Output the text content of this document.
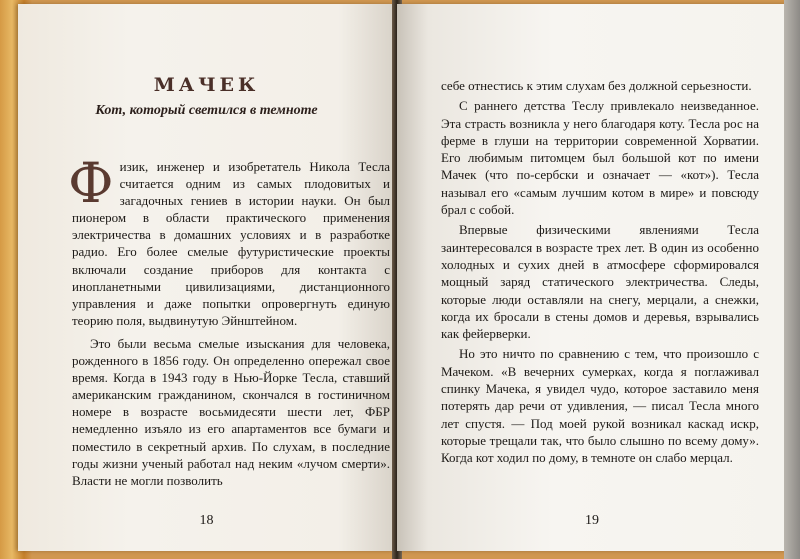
МАЧЕК
Кот, который светился в темноте

Физик, инженер и изобретатель Никола Тесла считается одним из самых плодовитых и загадочных гениев в истории науки. Он был пионером в области практического применения электричества в домашних условиях и в разработке радио. Его более смелые футуристические проекты включали создание приборов для контакта с инопланетными цивилизациями, дистанционного управления и даже попытки опровергнуть единую теорию поля, выдвинутую Эйнштейном.

Это были весьма смелые изыскания для человека, рожденного в 1856 году. Он определенно опережал свое время. Когда в 1943 году в Нью-Йорке Тесла, ставший американским гражданином, скончался в гостиничном номере в возрасте восьмидесяти шести лет, ФБР немедленно изъяло из его апартаментов все бумаги и поместило в секретный архив. По слухам, в последние годы жизни ученый работал над неким «лучом смерти». Власти не могли позволить

18

себе отнестись к этим слухам без должной серьезности.

С раннего детства Теслу привлекало неизведанное. Эта страсть возникла у него благодаря коту. Тесла рос на ферме в глуши на территории современной Хорватии. Его любимым питомцем был большой кот по имени Мачек (что по-сербски и означает — «кот»). Тесла называл его «самым лучшим котом в мире» и повсюду брал с собой.

Впервые физическими явлениями Тесла заинтересовался в возрасте трех лет. В один из особенно холодных и сухих дней в атмосфере сформировался мощный заряд статического электричества. Следы, которые люди оставляли на снегу, мерцали, а снежки, когда их бросали в стены домов и деревья, взрывались как фейерверки.

Но это ничто по сравнению с тем, что произошло с Мачеком. «В вечерних сумерках, когда я поглаживал спинку Мачека, я увидел чудо, которое заставило меня потерять дар речи от удивления, — писал Тесла много лет спустя. — Под моей рукой возникал каскад искр, которые трещали так, что было слышно по всему дому». Когда кот ходил по дому, в темноте он слабо мерцал.

19
